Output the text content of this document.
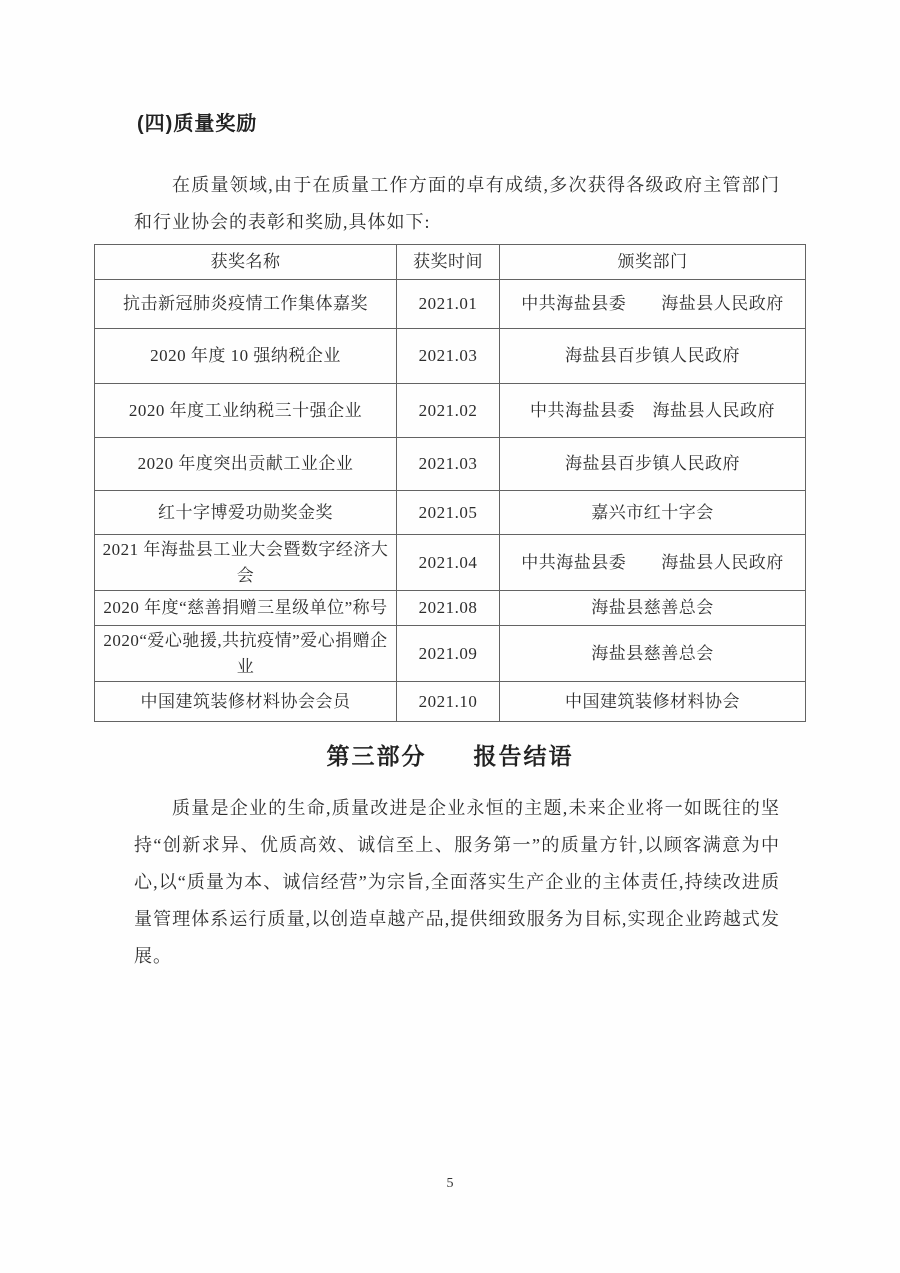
(四)质量奖励

在质量领域,由于在质量工作方面的卓有成绩,多次获得各级政府主管部门和行业协会的表彰和奖励,具体如下:

获奖名称	获奖时间	颁奖部门
抗击新冠肺炎疫情工作集体嘉奖	2021.01	中共海盐县委　　海盐县人民政府
2020 年度 10 强纳税企业	2021.03	海盐县百步镇人民政府
2020 年度工业纳税三十强企业	2021.02	中共海盐县委　海盐县人民政府
2020 年度突出贡献工业企业	2021.03	海盐县百步镇人民政府
红十字博爱功勋奖金奖	2021.05	嘉兴市红十字会
2021 年海盐县工业大会暨数字经济大会	2021.04	中共海盐县委　　海盐县人民政府
2020 年度“慈善捐赠三星级单位”称号	2021.08	海盐县慈善总会
2020“爱心驰援,共抗疫情”爱心捐赠企业	2021.09	海盐县慈善总会
中国建筑装修材料协会会员	2021.10	中国建筑装修材料协会
第三部分 报告结语

质量是企业的生命,质量改进是企业永恒的主题,未来企业将一如既往的坚持“创新求异、优质高效、诚信至上、服务第一”的质量方针,以顾客满意为中心,以“质量为本、诚信经营”为宗旨,全面落实生产企业的主体责任,持续改进质量管理体系运行质量,以创造卓越产品,提供细致服务为目标,实现企业跨越式发展。

5
